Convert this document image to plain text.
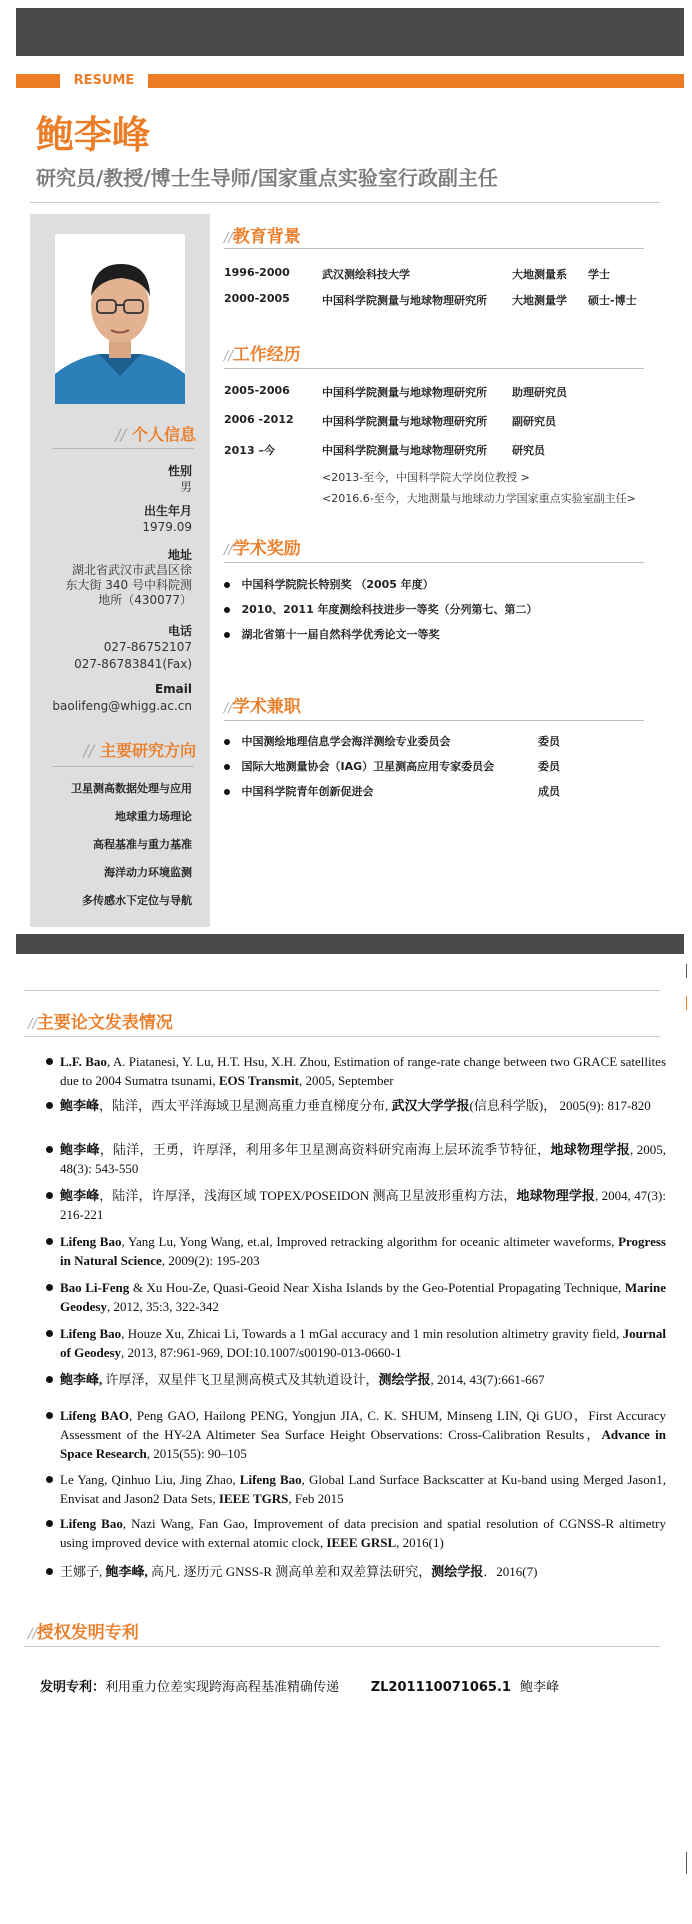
RESUME
鲍李峰
研究员/教授/博士生导师/国家重点实验室行政副主任
// 个人信息
性别
男
出生年月
1979.09
地址
湖北省武汉市武昌区徐东大街 340 号中科院测地所（430077）
电话
027-86752107
027-86783841(Fax)
Email
baolifeng@whigg.ac.cn
// 主要研究方向
卫星测高数据处理与应用
地球重力场理论
高程基准与重力基准
海洋动力环境监测
多传感水下定位与导航
//教育背景
1996-2000	武汉测绘科技大学	大地测量系 学士
2000-2005	中国科学院测量与地球物理研究所 大地测量学 硕士-博士
//工作经历
2005-2006	中国科学院测量与地球物理研究所 助理研究员
2006 -2012	中国科学院测量与地球物理研究所 副研究员
2013 –今	中国科学院测量与地球物理研究所 研究员
<2013-至今，中国科学院大学岗位教授 >
<2016.6-至今，大地测量与地球动力学国家重点实验室副主任>
//学术奖励
中国科学院院长特别奖 （2005 年度）
2010、2011 年度测绘科技进步一等奖（分列第七、第二）
湖北省第十一届自然科学优秀论文一等奖
//学术兼职
中国测绘地理信息学会海洋测绘专业委员会	委员
国际大地测量协会（IAG）卫星测高应用专家委员会	委员
中国科学院青年创新促进会	成员
//主要论文发表情况
L.F. Bao, A. Piatanesi, Y. Lu, H.T. Hsu, X.H. Zhou, Estimation of range-rate change between two GRACE satellites due to 2004 Sumatra tsunami, EOS Transmit, 2005, September
鲍李峰，陆洋，西太平洋海域卫星测高重力垂直梯度分布, 武汉大学学报(信息科学版)， 2005(9): 817-820
鲍李峰，陆洋，王勇，许厚泽，利用多年卫星测高资料研究南海上层环流季节特征，地球物理学报, 2005, 48(3): 543-550
鲍李峰，陆洋，许厚泽，浅海区域 TOPEX/POSEIDON 测高卫星波形重构方法，地球物理学报, 2004, 47(3): 216-221
Lifeng Bao, Yang Lu, Yong Wang, et.al, Improved retracking algorithm for oceanic altimeter waveforms, Progress in Natural Science, 2009(2): 195-203
Bao Li-Feng & Xu Hou-Ze, Quasi-Geoid Near Xisha Islands by the Geo-Potential Propagating Technique, Marine Geodesy, 2012, 35:3, 322-342
Lifeng Bao, Houze Xu, Zhicai Li, Towards a 1 mGal accuracy and 1 min resolution altimetry gravity field, Journal of Geodesy, 2013, 87:961-969, DOI:10.1007/s00190-013-0660-1
鲍李峰, 许厚泽，双星伴飞卫星测高模式及其轨道设计，测绘学报, 2014, 43(7):661-667
Lifeng BAO, Peng GAO, Hailong PENG, Yongjun JIA, C. K. SHUM, Minseng LIN, Qi GUO，First Accuracy Assessment of the HY-2A Altimeter Sea Surface Height Observations: Cross-Calibration Results，Advance in Space Research, 2015(55): 90–105
Le Yang, Qinhuo Liu, Jing Zhao, Lifeng Bao, Global Land Surface Backscatter at Ku-band using Merged Jason1, Envisat and Jason2 Data Sets, IEEE TGRS, Feb 2015
Lifeng Bao, Nazi Wang, Fan Gao, Improvement of data precision and spatial resolution of CGNSS-R altimetry using improved device with external atomic clock, IEEE GRSL, 2016(1)
王娜子, 鲍李峰, 高凡. 逐历元 GNSS-R 测高单差和双差算法研究，测绘学报．2016(7)
//授权发明专利
发明专利：利用重力位差实现跨海高程基准精确传递 ZL201110071065.1 鲍李峰
